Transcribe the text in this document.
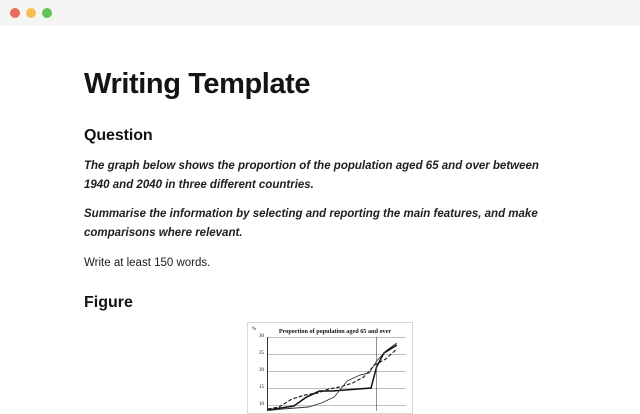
Writing Template
Question

The graph below shows the proportion of the population aged 65 and over between 1940 and 2040 in three different countries.

Summarise the information by selecting and reporting the main features, and make comparisons where relevant.

Write at least 150 words.

Figure
Proportion of population aged 65 and over
%
30
25
20
15
10
